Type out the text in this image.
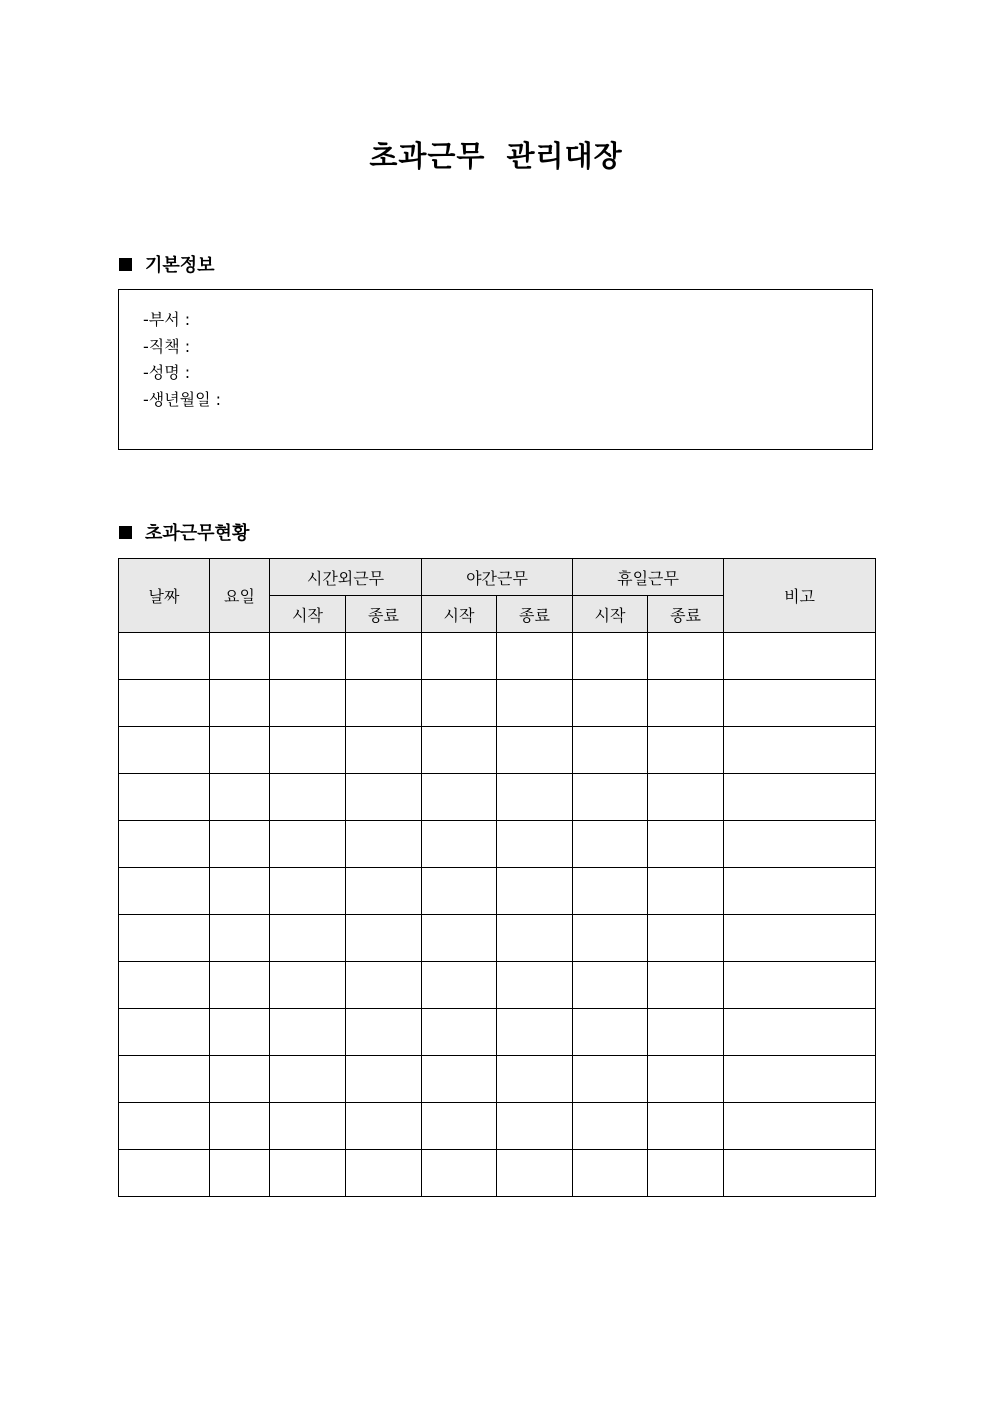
초과근무 관리대장
기본정보
-부서 :
-직책 :
-성명 :
-생년월일 :
초과근무현황
날짜	요일	시간외근무		야간근무		휴일근무		비고
		시작	종료	시작	종료	시작	종료	
